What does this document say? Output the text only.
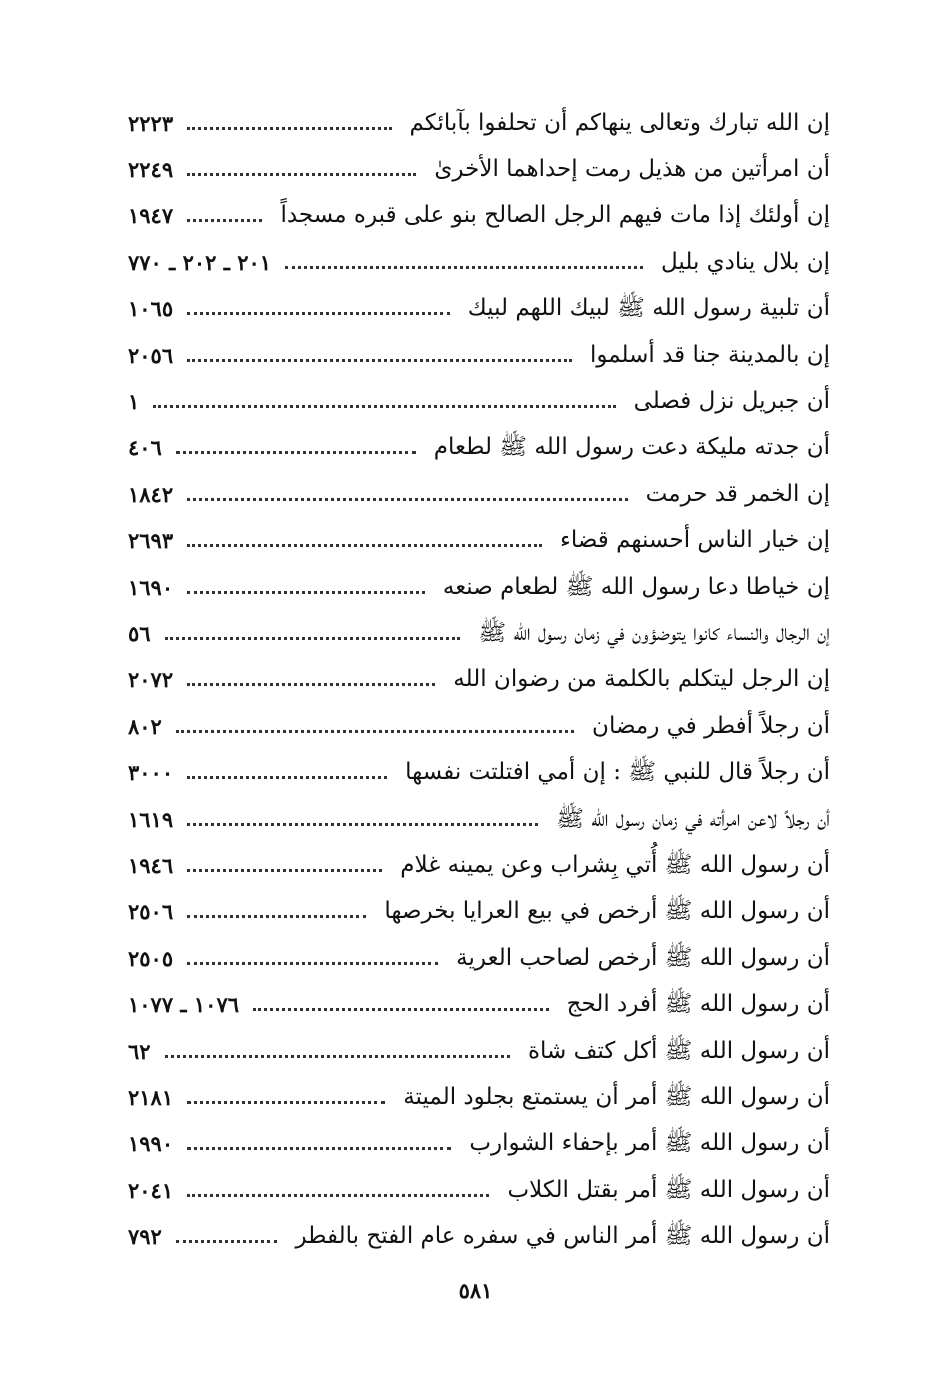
إن الله تبارك وتعالى ينهاكم أن تحلفوا بآبائكم
٢٢٢٣
أن امرأتين من هذيل رمت إحداهما الأخرىٰ
٢٢٤٩
إن أولئك إذا مات فيهم الرجل الصالح بنو على قبره مسجداً
١٩٤٧
إن بلال ينادي بليل
٢٠١ ـ ٢٠٢ ـ ٧٧٠
أن تلبية رسول الله ﷺ لبيك اللهم لبيك
١٠٦٥
إن بالمدينة جنا قد أسلموا
٢٠٥٦
أن جبريل نزل فصلى
١
أن جدته مليكة دعت رسول الله ﷺ لطعام
٤٠٦
إن الخمر قد حرمت
١٨٤٢
إن خيار الناس أحسنهم قضاء
٢٦٩٣
إن خياطا دعا رسول الله ﷺ لطعام صنعه
١٦٩٠
إن الرجال والنساء كانوا يتوضؤون في زمان رسول الله ﷺ
٥٦
إن الرجل ليتكلم بالكلمة من رضوان الله
٢٠٧٢
أن رجلاً أفطر في رمضان
٨٠٢
أن رجلاً قال للنبي ﷺ : إن أمي افتلتت نفسها
٣٠٠٠
أن رجلاً لاعن امرأته في زمان رسول الله ﷺ
١٦١٩
أن رسول الله ﷺ أُتي بِشراب وعن يمينه غلام
١٩٤٦
أن رسول الله ﷺ أرخص في بيع العرايا بخرصها
٢٥٠٦
أن رسول الله ﷺ أرخص لصاحب العرية
٢٥٠٥
أن رسول الله ﷺ أفرد الحج
١٠٧٦ ـ ١٠٧٧
أن رسول الله ﷺ أكل كتف شاة
٦٢
أن رسول الله ﷺ أمر أن يستمتع بجلود الميتة
٢١٨١
أن رسول الله ﷺ أمر بإحفاء الشوارب
١٩٩٠
أن رسول الله ﷺ أمر بقتل الكلاب
٢٠٤١
أن رسول الله ﷺ أمر الناس في سفره عام الفتح بالفطر
٧٩٢
٥٨١
